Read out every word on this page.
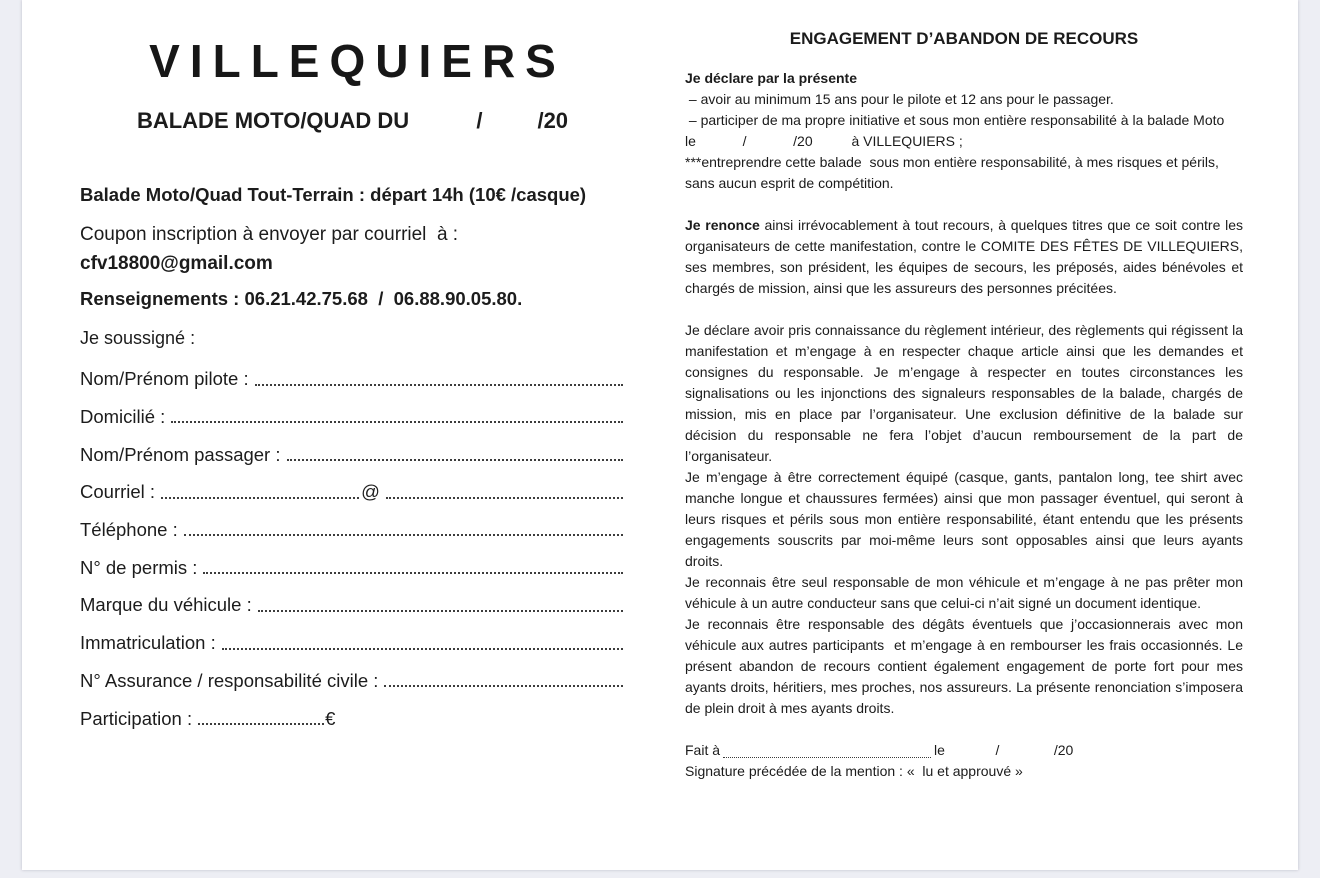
VILLEQUIERS
BALADE MOTO/QUAD DU           /         /20
Balade Moto/Quad Tout-Terrain : départ 14h (10€ /casque)
Coupon inscription à envoyer par courriel  à :
cfv18800@gmail.com
Renseignements : 06.21.42.75.68  /  06.88.90.05.80.
Je soussigné :
Nom/Prénom pilote :
Domicilié :
Nom/Prénom passager :
Courriel :	@
Téléphone :
N° de permis :
Marque du véhicule :
Immatriculation :
N° Assurance / responsabilité civile :
Participation :	€
ENGAGEMENT D’ABANDON DE RECOURS
Je déclare par la présente
– avoir au minimum 15 ans pour le pilote et 12 ans pour le passager.
– participer de ma propre initiative et sous mon entière responsabilité à la balade Moto le            /            /20          à VILLEQUIERS ;
***entreprendre cette balade  sous mon entière responsabilité, à mes risques et périls, sans aucun esprit de compétition.

Je renonce ainsi irrévocablement à tout recours, à quelques titres que ce soit contre les organisateurs de cette manifestation, contre le COMITE DES FÊTES DE VILLEQUIERS, ses membres, son président, les équipes de secours, les préposés, aides bénévoles et chargés de mission, ainsi que les assureurs des personnes précitées.

Je déclare avoir pris connaissance du règlement intérieur, des règlements qui régissent la manifestation et m’engage à en respecter chaque article ainsi que les demandes et consignes du responsable. Je m’engage à respecter en toutes circonstances les signalisations ou les injonctions des signaleurs responsables de la balade, chargés de mission, mis en place par l’organisateur. Une exclusion définitive de la balade sur décision du responsable ne fera l’objet d’aucun remboursement de la part de l’organisateur.

Je m’engage à être correctement équipé (casque, gants, pantalon long, tee shirt avec manche longue et chaussures fermées) ainsi que mon passager éventuel, qui seront à leurs risques et périls sous mon entière responsabilité, étant entendu que les présents engagements souscrits par moi-même leurs sont opposables ainsi que leurs ayants droits.

Je reconnais être seul responsable de mon véhicule et m’engage à ne pas prêter mon véhicule à un autre conducteur sans que celui-ci n’ait signé un document identique.

Je reconnais être responsable des dégâts éventuels que j’occasionnerais avec mon véhicule aux autres participants  et m’engage à en rembourser les frais occasionnés. Le présent abandon de recours contient également engagement de porte fort pour mes ayants droits, héritiers, mes proches, nos assureurs. La présente renonciation s’imposera de plein droit à mes ayants droits.

Fait à	le             /              /20
Signature précédée de la mention : «  lu et approuvé »
